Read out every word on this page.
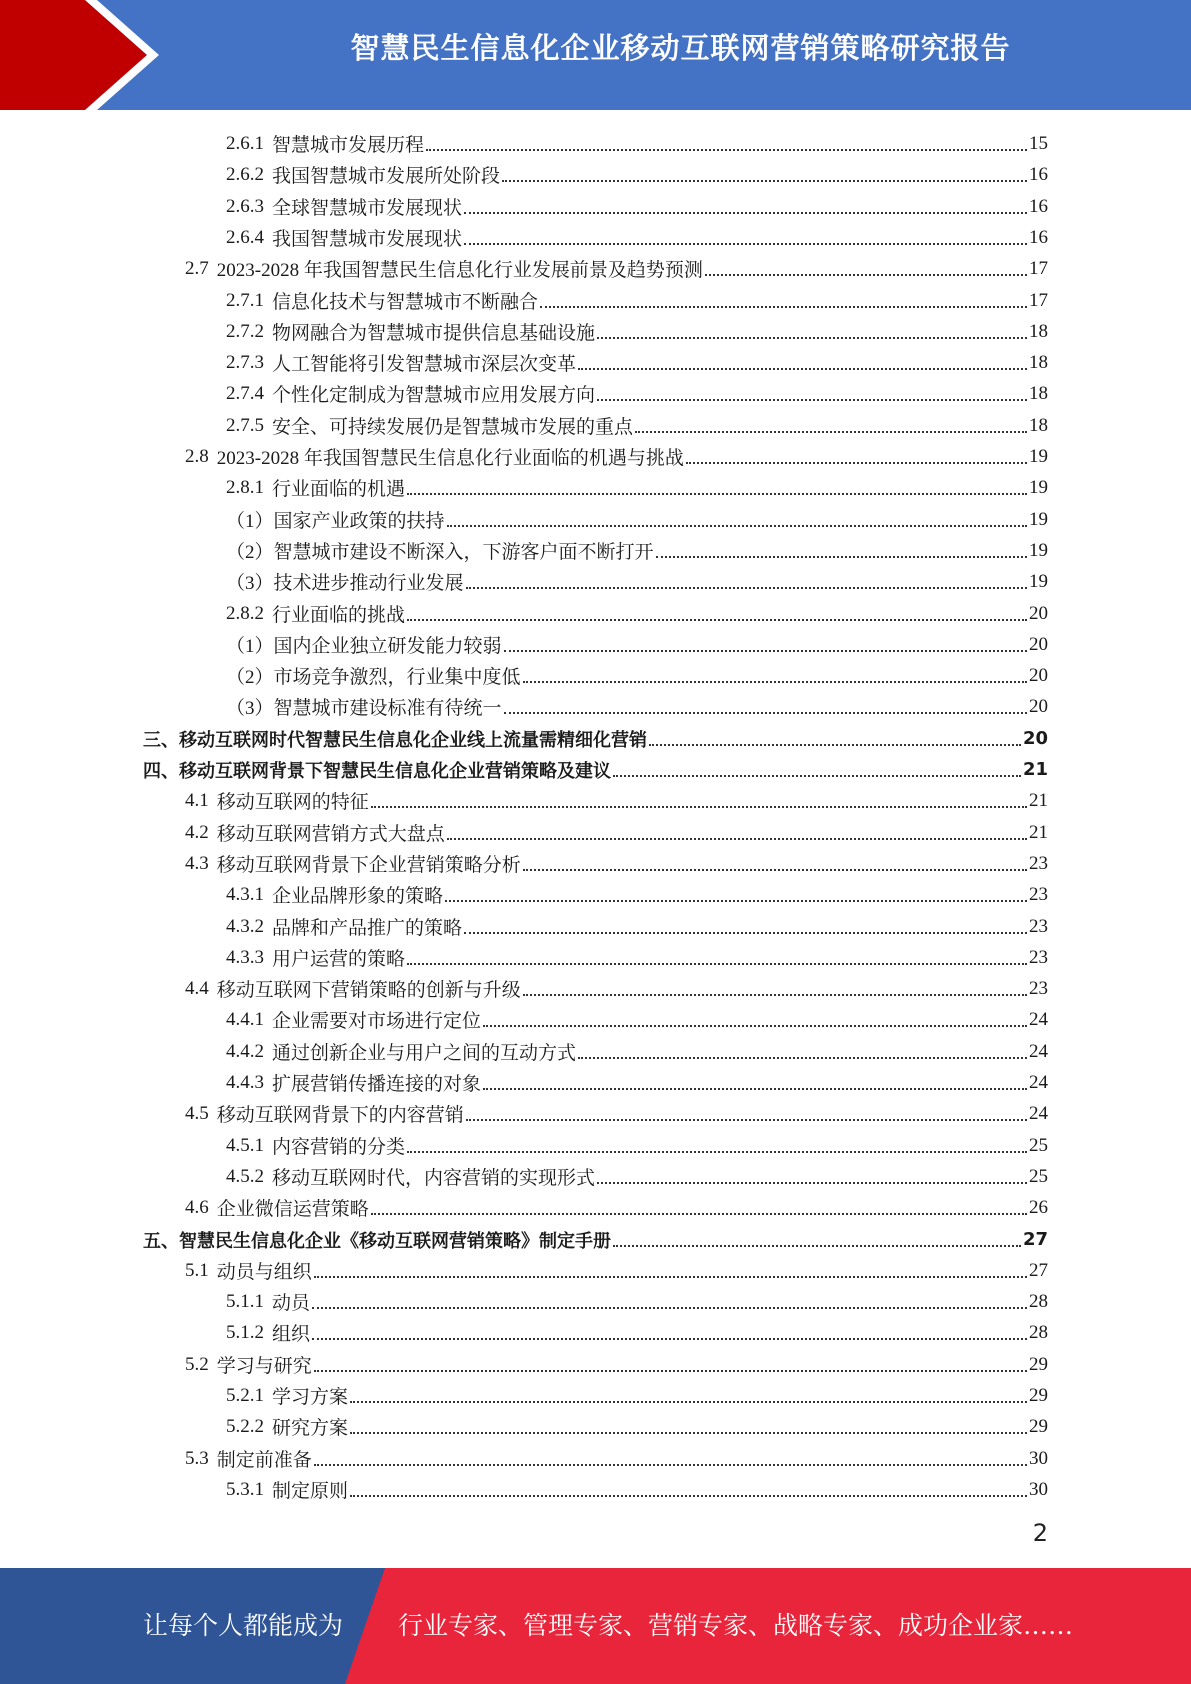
智慧民生信息化企业移动互联网营销策略研究报告
2.6.1 智慧城市发展历程	15
2.6.2 我国智慧城市发展所处阶段	16
2.6.3 全球智慧城市发展现状	16
2.6.4 我国智慧城市发展现状	16
2.7 2023-2028 年我国智慧民生信息化行业发展前景及趋势预测	17
2.7.1 信息化技术与智慧城市不断融合	17
2.7.2 物网融合为智慧城市提供信息基础设施	18
2.7.3 人工智能将引发智慧城市深层次变革	18
2.7.4 个性化定制成为智慧城市应用发展方向	18
2.7.5 安全、可持续发展仍是智慧城市发展的重点	18
2.8 2023-2028 年我国智慧民生信息化行业面临的机遇与挑战	19
2.8.1 行业面临的机遇	19
（1） 国家产业政策的扶持	19
（2） 智慧城市建设不断深入，下游客户面不断打开	19
（3） 技术进步推动行业发展	19
2.8.2 行业面临的挑战	20
（1） 国内企业独立研发能力较弱	20
（2） 市场竞争激烈，行业集中度低	20
（3） 智慧城市建设标准有待统一	20
三、 移动互联网时代智慧民生信息化企业线上流量需精细化营销	20
四、 移动互联网背景下智慧民生信息化企业营销策略及建议	21
4.1 移动互联网的特征	21
4.2 移动互联网营销方式大盘点	21
4.3 移动互联网背景下企业营销策略分析	23
4.3.1 企业品牌形象的策略	23
4.3.2 品牌和产品推广的策略	23
4.3.3 用户运营的策略	23
4.4 移动互联网下营销策略的创新与升级	23
4.4.1 企业需要对市场进行定位	24
4.4.2 通过创新企业与用户之间的互动方式	24
4.4.3 扩展营销传播连接的对象	24
4.5 移动互联网背景下的内容营销	24
4.5.1 内容营销的分类	25
4.5.2 移动互联网时代，内容营销的实现形式	25
4.6 企业微信运营策略	26
五、 智慧民生信息化企业《移动互联网营销策略》制定手册	27
5.1 动员与组织	27
5.1.1 动员	28
5.1.2 组织	28
5.2 学习与研究	29
5.2.1 学习方案	29
5.2.2 研究方案	29
5.3 制定前准备	30
5.3.1 制定原则	30
2
让每个人都能成为 行业专家、管理专家、营销专家、战略专家、成功企业家……
